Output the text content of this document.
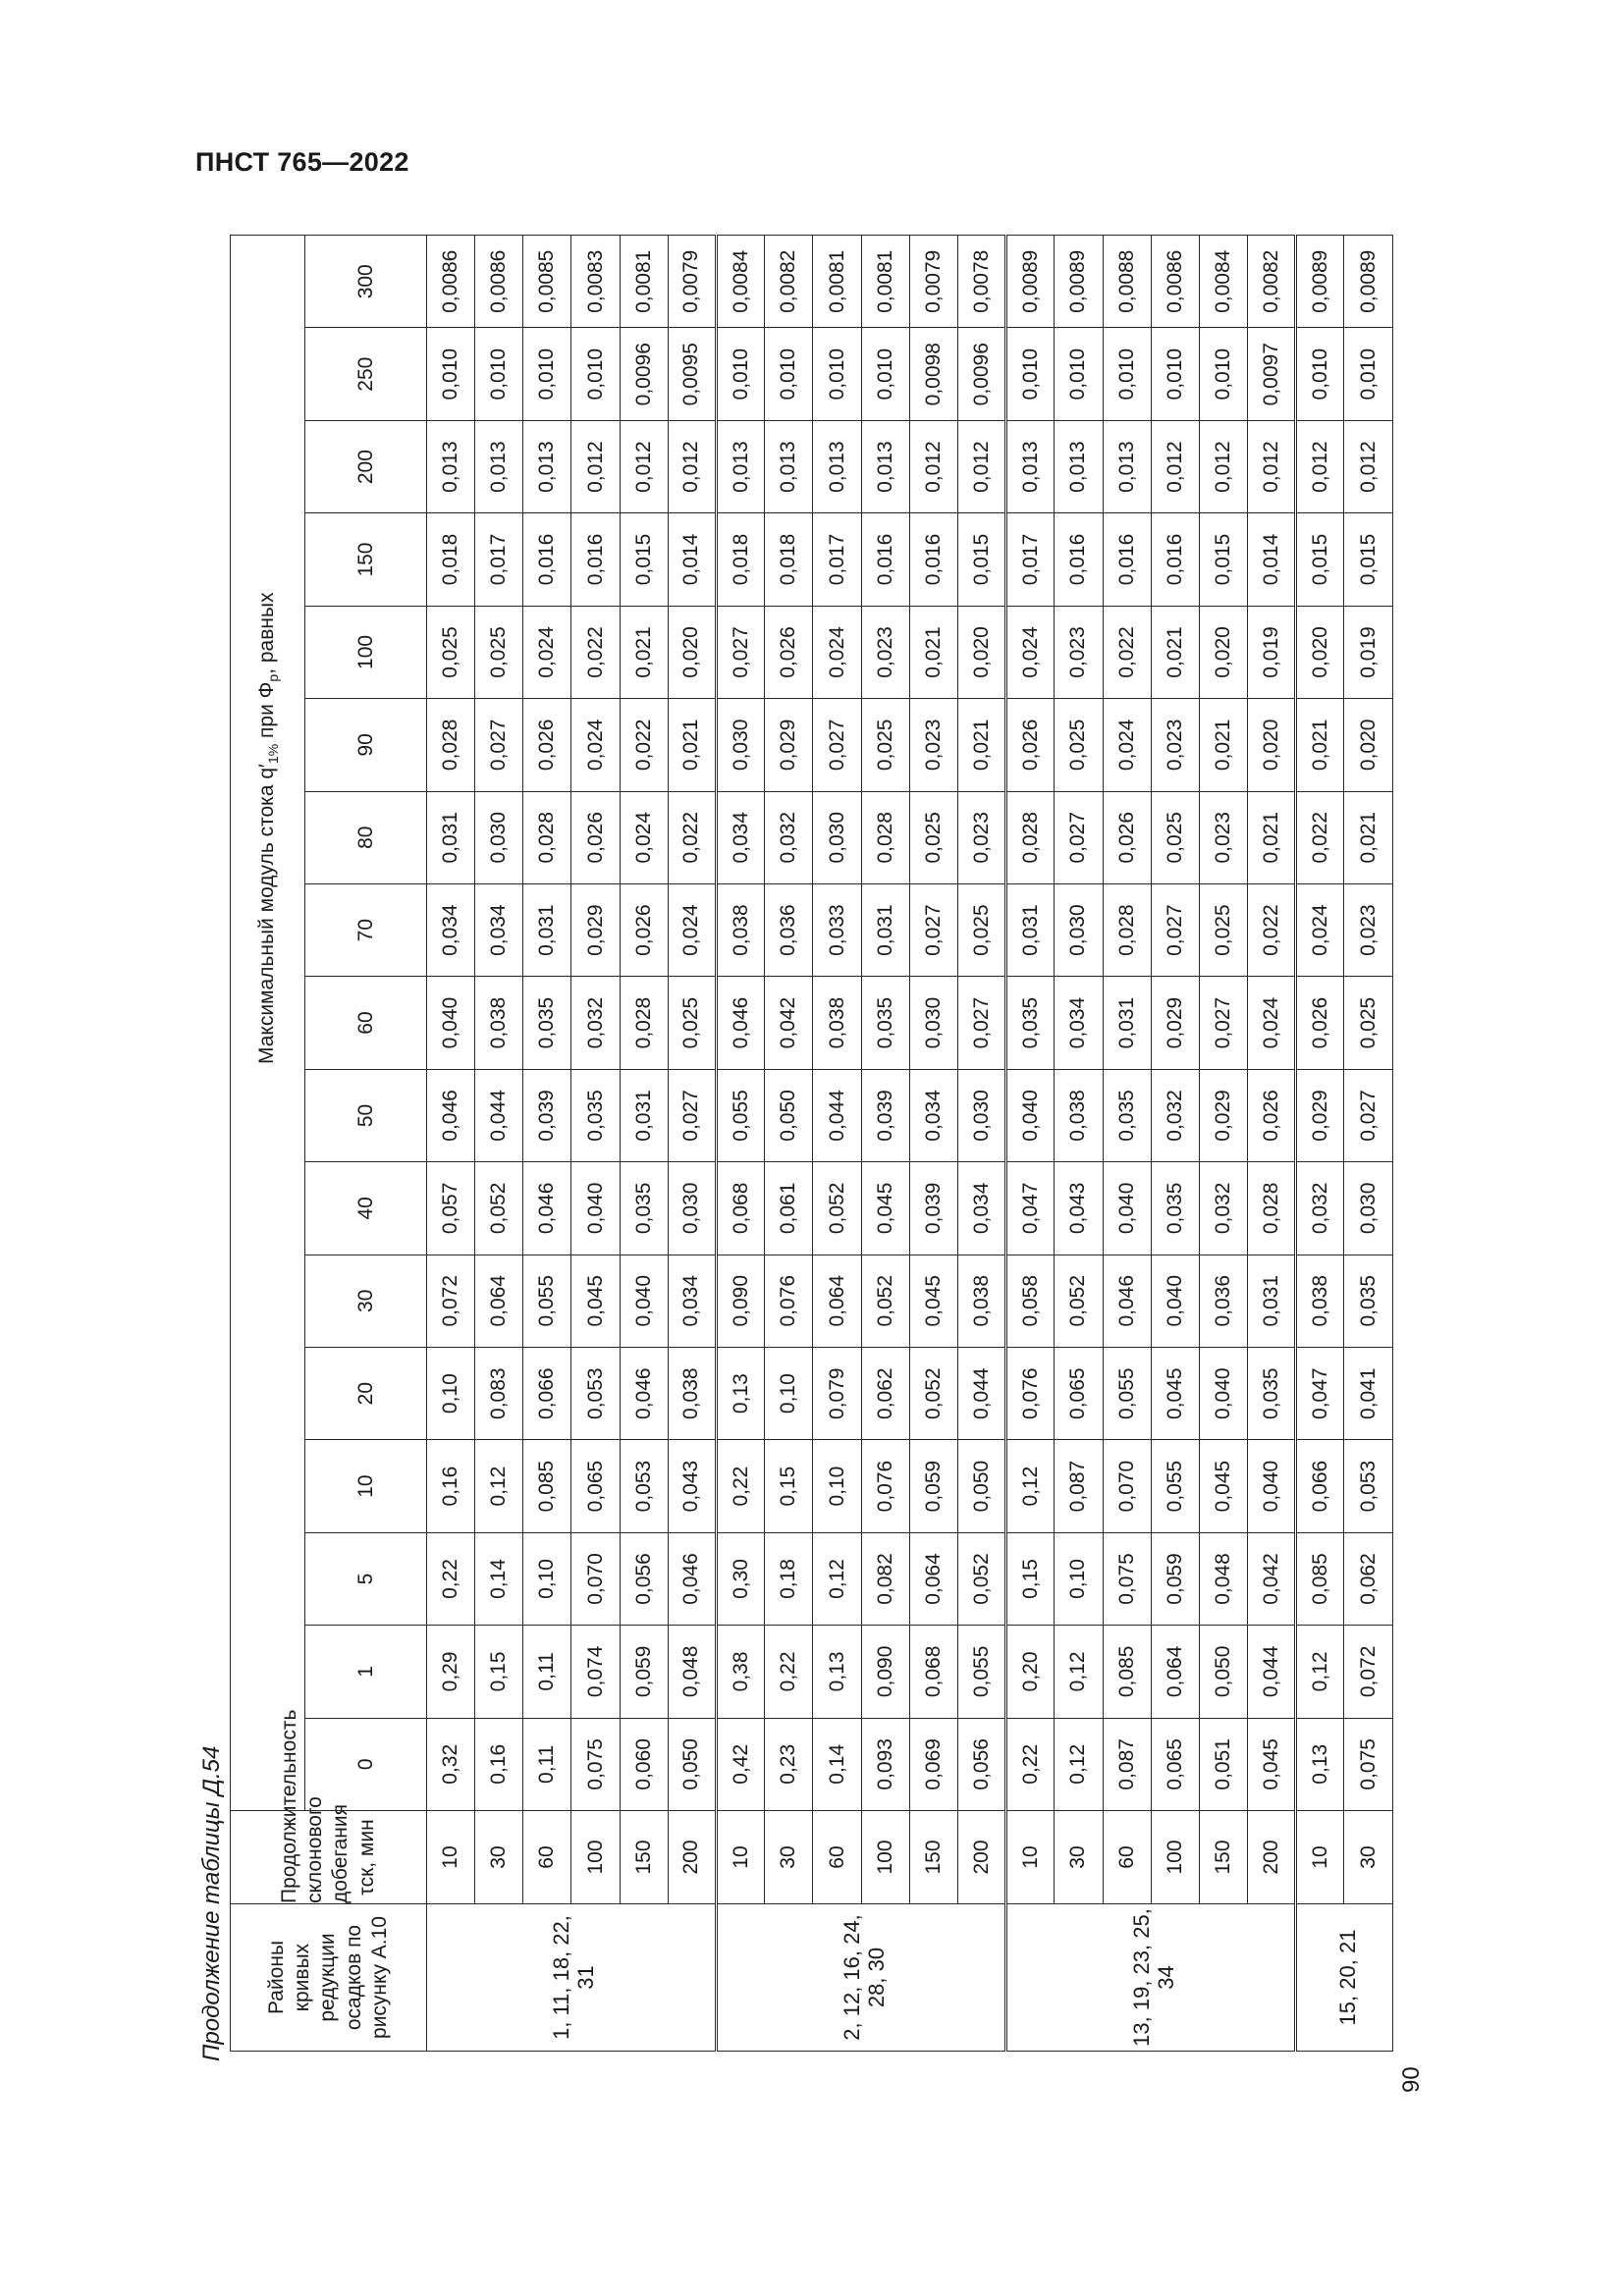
ПНСТ 765—2022
Продолжение таблицы Д.54 Районы кривых редукции осадков по рисунку А.10	Продолжительность склонового добегания τск, мин	Максимальный модуль стока $q'_{1\%}$ при $\Phi_p$, равных																
		0	1	5	10	20	30	40	50	60	70	80	90	100	150	200	250	300
1, 11, 18, 22, 31	10	0,32	0,29	0,22	0,16	0,10	0,072	0,057	0,046	0,040	0,034	0,031	0,028	0,025	0,018	0,013	0,010	0,0086
	30	0,16	0,15	0,14	0,12	0,083	0,064	0,052	0,044	0,038	0,034	0,030	0,027	0,025	0,017	0,013	0,010	0,0086
	60	0,11	0,11	0,10	0,085	0,066	0,055	0,046	0,039	0,035	0,031	0,028	0,026	0,024	0,016	0,013	0,010	0,0085
	100	0,075	0,074	0,070	0,065	0,053	0,045	0,040	0,035	0,032	0,029	0,026	0,024	0,022	0,016	0,012	0,010	0,0083
	150	0,060	0,059	0,056	0,053	0,046	0,040	0,035	0,031	0,028	0,026	0,024	0,022	0,021	0,015	0,012	0,0096	0,0081
	200	0,050	0,048	0,046	0,043	0,038	0,034	0,030	0,027	0,025	0,024	0,022	0,021	0,020	0,014	0,012	0,0095	0,0079
2, 12, 16, 24, 28, 30	10	0,42	0,38	0,30	0,22	0,13	0,090	0,068	0,055	0,046	0,038	0,034	0,030	0,027	0,018	0,013	0,010	0,0084
	30	0,23	0,22	0,18	0,15	0,10	0,076	0,061	0,050	0,042	0,036	0,032	0,029	0,026	0,018	0,013	0,010	0,0082
	60	0,14	0,13	0,12	0,10	0,079	0,064	0,052	0,044	0,038	0,033	0,030	0,027	0,024	0,017	0,013	0,010	0,0081
	100	0,093	0,090	0,082	0,076	0,062	0,052	0,045	0,039	0,035	0,031	0,028	0,025	0,023	0,016	0,013	0,010	0,0081
	150	0,069	0,068	0,064	0,059	0,052	0,045	0,039	0,034	0,030	0,027	0,025	0,023	0,021	0,016	0,012	0,0098	0,0079
	200	0,056	0,055	0,052	0,050	0,044	0,038	0,034	0,030	0,027	0,025	0,023	0,021	0,020	0,015	0,012	0,0096	0,0078
13, 19, 23, 25, 34	10	0,22	0,20	0,15	0,12	0,076	0,058	0,047	0,040	0,035	0,031	0,028	0,026	0,024	0,017	0,013	0,010	0,0089
	30	0,12	0,12	0,10	0,087	0,065	0,052	0,043	0,038	0,034	0,030	0,027	0,025	0,023	0,016	0,013	0,010	0,0089
	60	0,087	0,085	0,075	0,070	0,055	0,046	0,040	0,035	0,031	0,028	0,026	0,024	0,022	0,016	0,013	0,010	0,0088
	100	0,065	0,064	0,059	0,055	0,045	0,040	0,035	0,032	0,029	0,027	0,025	0,023	0,021	0,016	0,012	0,010	0,0086
	150	0,051	0,050	0,048	0,045	0,040	0,036	0,032	0,029	0,027	0,025	0,023	0,021	0,020	0,015	0,012	0,010	0,0084
	200	0,045	0,044	0,042	0,040	0,035	0,031	0,028	0,026	0,024	0,022	0,021	0,020	0,019	0,014	0,012	0,0097	0,0082
15, 20, 21	10	0,13	0,12	0,085	0,066	0,047	0,038	0,032	0,029	0,026	0,024	0,022	0,021	0,020	0,015	0,012	0,010	0,0089
	30	0,075	0,072	0,062	0,053	0,041	0,035	0,030	0,027	0,025	0,023	0,021	0,020	0,019	0,015	0,012	0,010	0,0089
90
